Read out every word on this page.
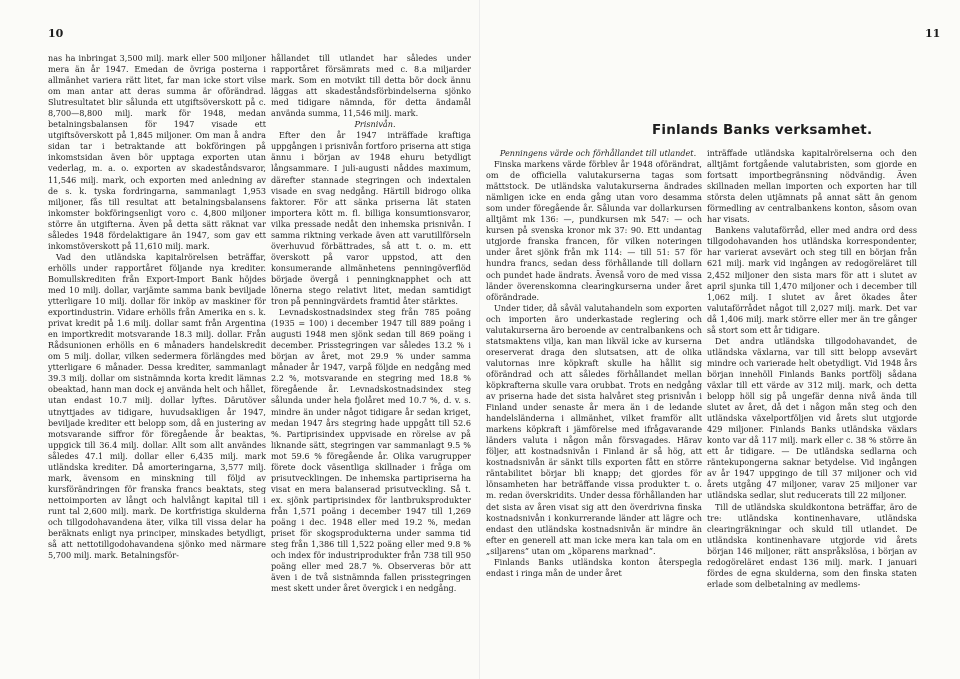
10	11

nas ha inbringat 3,500 milj. mark eller 500 miljoner mera än år 1947. Emedan de övriga posterna i allmänhet variera rätt litet, far man icke stort vilse om man antar att deras summa är oförändrad. Slutresultatet blir sålunda ett utgiftsöverskott på c. 8,700—8,800 milj. mark för 1948, medan betalningsbalansen för 1947 visade ett utgiftsöverskott på 1,845 miljoner. Om man å andra sidan tar i betraktande att bokföringen på inkomstsidan även bör upptaga exporten utan vederlag, m. a. o. exporten av skadeståndsvaror, 11,546 milj. mark, och exporten med anledning av de s. k. tyska fordringarna, sammanlagt 1,953 miljoner, fås till resultat att betalningsbalansens inkomster bokföringsenligt voro c. 4,800 miljoner större än utgifterna. Även på detta sätt räknat var således 1948 fördelaktigare än 1947, som gav ett inkomstöverskott på 11,610 milj. mark.

Vad den utländska kapitalrörelsen beträffar, erhölls under rapportåret följande nya krediter. Bomullskrediten från Export-Import Bank höjdes med 10 milj. dollar, varjämte samma bank beviljade ytterligare 10 milj. dollar för inköp av maskiner för exportindustrin. Vidare erhölls från Amerika en s. k. privat kredit på 1.6 milj. dollar samt från Argentina en importkredit motsvarande 18.3 milj. dollar. Från Rådsunionen erhölls en 6 månaders handelskredit om 5 milj. dollar, vilken sedermera förlängdes med ytterligare 6 månader. Dessa krediter, sammanlagt 39.3 milj. dollar om sistnämnda korta kredit lämnas obeaktad, hann man dock ej använda helt och hållet, utan endast 10.7 milj. dollar lyftes. Därutöver utnyttjades av tidigare, huvudsakligen år 1947, beviljade krediter ett belopp som, då en justering av motsvarande siffror för föregående år beaktas, uppgick till 36.4 milj. dollar. Allt som allt användes således 47.1 milj. dollar eller 6,435 milj. mark utländska krediter. Då amorteringarna, 3,577 milj. mark, ävensom en minskning till följd av kursförändringen för franska francs beaktats, steg nettoimporten av långt och halvlångt kapital till i runt tal 2,600 milj. mark. De kortfristiga skulderna och tillgodohavandena äter, vilka till vissa delar ha beräknats enligt nya principer, minskades betydligt, så att nettotillgodohavandena sjönko med närmare 5,700 milj. mark. Betalningsför-

hållandet till utlandet har således under rapportåret försämrats med c. 8.a miljarder mark. Som en motvikt till detta bör dock ännu läggas att skadeståndsförbindelserna sjönko med tidigare nämnda, för detta ändamål använda summa, 11,546 milj. mark.

Prisnivån.

Efter den år 1947 inträffade kraftiga uppgången i prisnivån fortforo priserna att stiga ännu i början av 1948 ehuru betydligt långsammare. I juli-augusti nåddes maximum, därefter stannade stegringen och indextalen visade en svag nedgång. Härtill bidrogo olika faktorer. För att sänka priserna lät staten importera kött m. fl. billiga konsumtionsvaror, vilka pressade nedåt den inhemska prisnivån. I samma riktning verkade även att varutillförseln överhuvud förbättrades, så att t. o. m. ett överskott på varor uppstod, att den konsumerande allmänhetens penningöverflöd började övergå i penningknapphet och att lönerna stego relativt litet, medan samtidigt tron på penningvärdets framtid åter stärktes.

Levnadskostnadsindex steg från 785 poäng (1935 = 100) i december 1947 till 889 poäng i augusti 1948 men sjönk sedan till 869 poäng i december. Prisstegringen var således 13.2 % i början av året, mot 29.9 % under samma månader år 1947, varpå följde en nedgång med 2.2 %, motsvarande en stegring med 18.8 % föregående år. Levnadskostnadsindex steg sålunda under hela fjolåret med 10.7 %, d. v. s. mindre än under något tidigare år sedan kriget, medan 1947 års stegring hade uppgått till 52.6 %. Partiprisindex uppvisade en rörelse av på liknande sätt, stegringen var sammanlagt 9.5 % mot 59.6 % föregående år. Olika varugrupper förete dock väsentliga skillnader i fråga om prisutvecklingen. De inhemska partipriserna ha visat en mera balanserad prisutveckling. Så t. ex. sjönk partiprisindex för lantbruksprodukter från 1,571 poäng i december 1947 till 1,269 poäng i dec. 1948 eller med 19.2 %, medan priset för skogsprodukterna under samma tid steg från 1,386 till 1,522 poäng eller med 9.8 % och index för industriprodukter från 738 till 950 poäng eller med 28.7 %. Observeras bör att även i de två sistnämnda fallen prisstegringen mest skett under året övergick i en nedgång.

Finlands Banks verksamhet.

Penningens värde och förhållandet till utlandet.

Finska markens värde förblev år 1948 oförändrat, om de officiella valutakurserna tagas som mättstock. De utländska valutakurserna ändrades nämligen icke en enda gång utan voro desamma som under föregående år. Sålunda var dollarkursen alltjämt mk 136: —, pundkursen mk 547: — och kursen på svenska kronor mk 37: 90. Ett undantag utgjorde franska francen, för vilken noteringen under året sjönk från mk 114: — till 51: 57 för hundra francs, sedan dess förhållande till dollarn och pundet hade ändrats. Ävenså voro de med vissa länder överenskomna clearingkurserna under året oförändrade.

Under tider, då såväl valutahandeln som exporten och importen äro underkastade reglering och valutakurserna äro beroende av centralbankens och statsmaktens vilja, kan man likväl icke av kurserna oreserverat draga den slutsatsen, att de olika valutornas inre köpkraft skulle ha hållit sig oförändrad och att således förhållandet mellan köpkrafterna skulle vara orubbat. Trots en nedgång av priserna hade det sista halvåret steg prisnivån i Finland under senaste år mera än i de ledande handelsländerna i allmänhet, vilket framför allt markens köpkraft i jämförelse med ifrågavarande länders valuta i någon mån försvagades. Härav följer, att kostnadsnivån i Finland är så hög, att kostnadsnivån är sänkt tills exporten fått en större räntabilitet börjar bli knapp; det gjordes för lönsamheten har beträffande vissa produkter t. o. m. redan överskridits. Under dessa förhållanden har det sista av åren visat sig att den överdrivna finska kostnadsnivån i konkurrerande länder att lägre och endast den utländska kostnadsnivån är mindre än efter en generell att man icke mera kan tala om en „siljarens” utan om „köparens marknad”.

Finlands Banks utländska konton återspegla endast i ringa mån de under året

inträffade utländska kapitalrörelserna och den alltjämt fortgående valutabristen, som gjorde en fortsatt importbegränsning nödvändig. Även skillnaden mellan importen och exporten har till största delen utjämnats på annat sätt än genom förmedling av centralbankens konton, såsom ovan har visats.

Bankens valutaförråd, eller med andra ord dess tillgodohavanden hos utländska korrespondenter, har varierat avsevärt och steg till en början från 621 milj. mark vid ingången av redogöreläret till 2,452 miljoner den sista mars för att i slutet av april sjunka till 1,470 miljoner och i december till 1,062 milj. I slutet av året ökades åter valutaförrådet något till 2,027 milj. mark. Det var då 1,406 milj. mark större eller mer än tre gånger så stort som ett år tidigare.

Det andra utländska tillgodohavandet, de utländska växlarna, var till sitt belopp avsevärt mindre och varierade helt obetydligt. Vid 1948 års början innehöll Finlands Banks portfölj sådana växlar till ett värde av 312 milj. mark, och detta belopp höll sig på ungefär denna nivå ända till slutet av året, då det i någon mån steg och den utländska växelportföljen vid årets slut utgjorde 429 miljoner. Finlands Banks utländska växlars konto var då 117 milj. mark eller c. 38 % större än ett år tidigare. — De utländska sedlarna och räntekupongerna saknar betydelse. Vid ingången av år 1947 uppgingo de till 37 miljoner och vid årets utgång 47 miljoner, varav 25 miljoner var utländska sedlar, slut reducerats till 22 miljoner.

Till de utländska skuldkontona beträffar, äro de tre: utländska kontinenhavare, utländska clearingräkningar och skuld till utlandet. De utländska kontinenhavare utgjorde vid årets början 146 miljoner, rätt anspråkslösa, i början av redogöreläret endast 136 milj. mark. I januari fördes de egna skulderna, som den finska staten erlade som delbetalning av medlems-
